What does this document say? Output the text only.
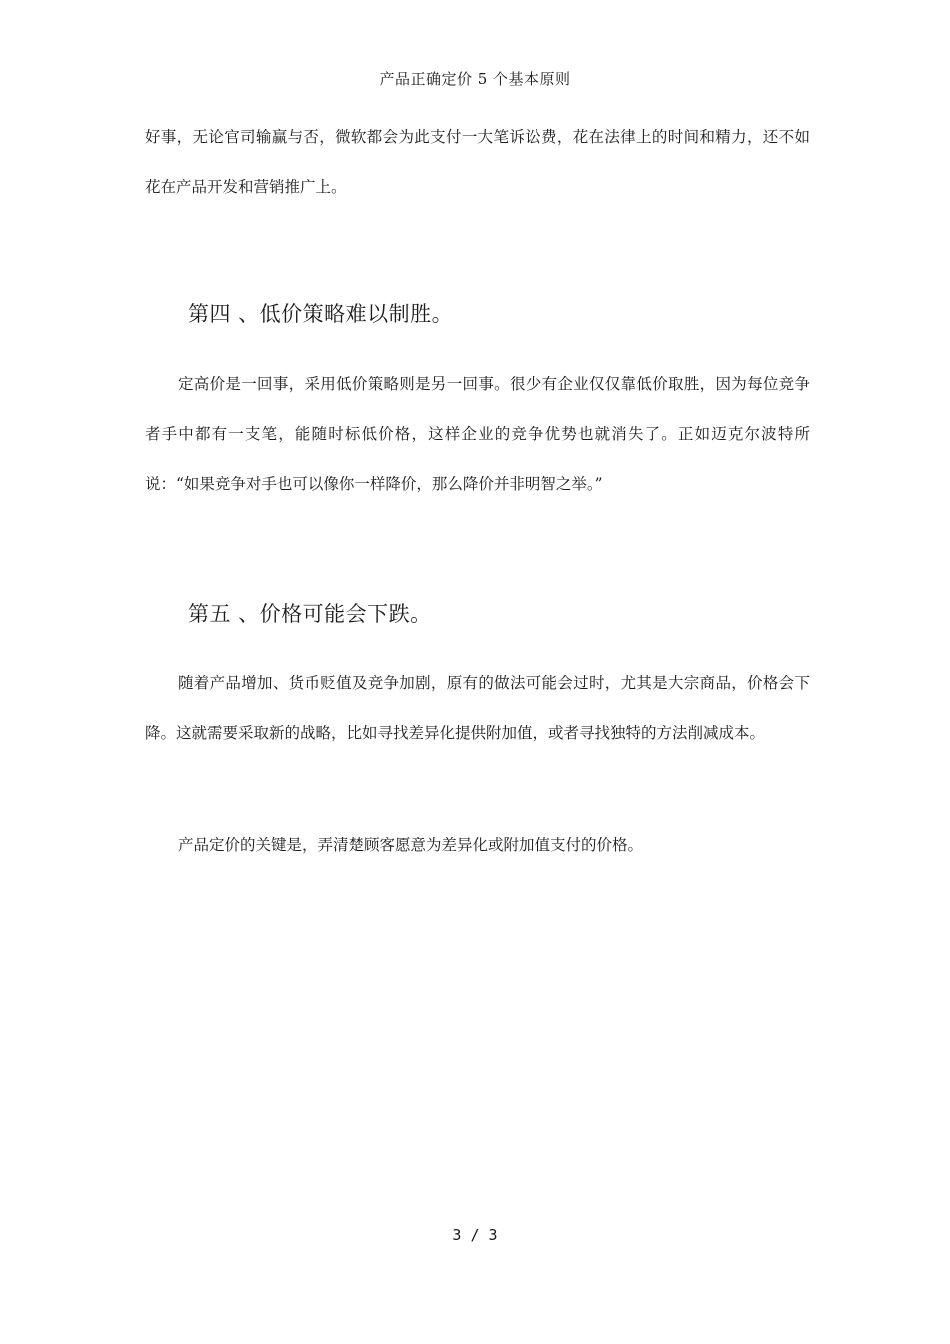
产品正确定价 5 个基本原则

好事，无论官司输赢与否，微软都会为此支付一大笔诉讼费，花在法律上的时间和精力，还不如花在产品开发和营销推广上。

第四 、低价策略难以制胜。

定高价是一回事，采用低价策略则是另一回事。很少有企业仅仅靠低价取胜，因为每位竞争者手中都有一支笔，能随时标低价格，这样企业的竞争优势也就消失了。正如迈克尔波特所说：“如果竞争对手也可以像你一样降价，那么降价并非明智之举。”

第五 、价格可能会下跌。

随着产品增加、货币贬值及竞争加剧，原有的做法可能会过时，尤其是大宗商品，价格会下降。这就需要采取新的战略，比如寻找差异化提供附加值，或者寻找独特的方法削减成本。

产品定价的关键是，弄清楚顾客愿意为差异化或附加值支付的价格。

3 / 3
